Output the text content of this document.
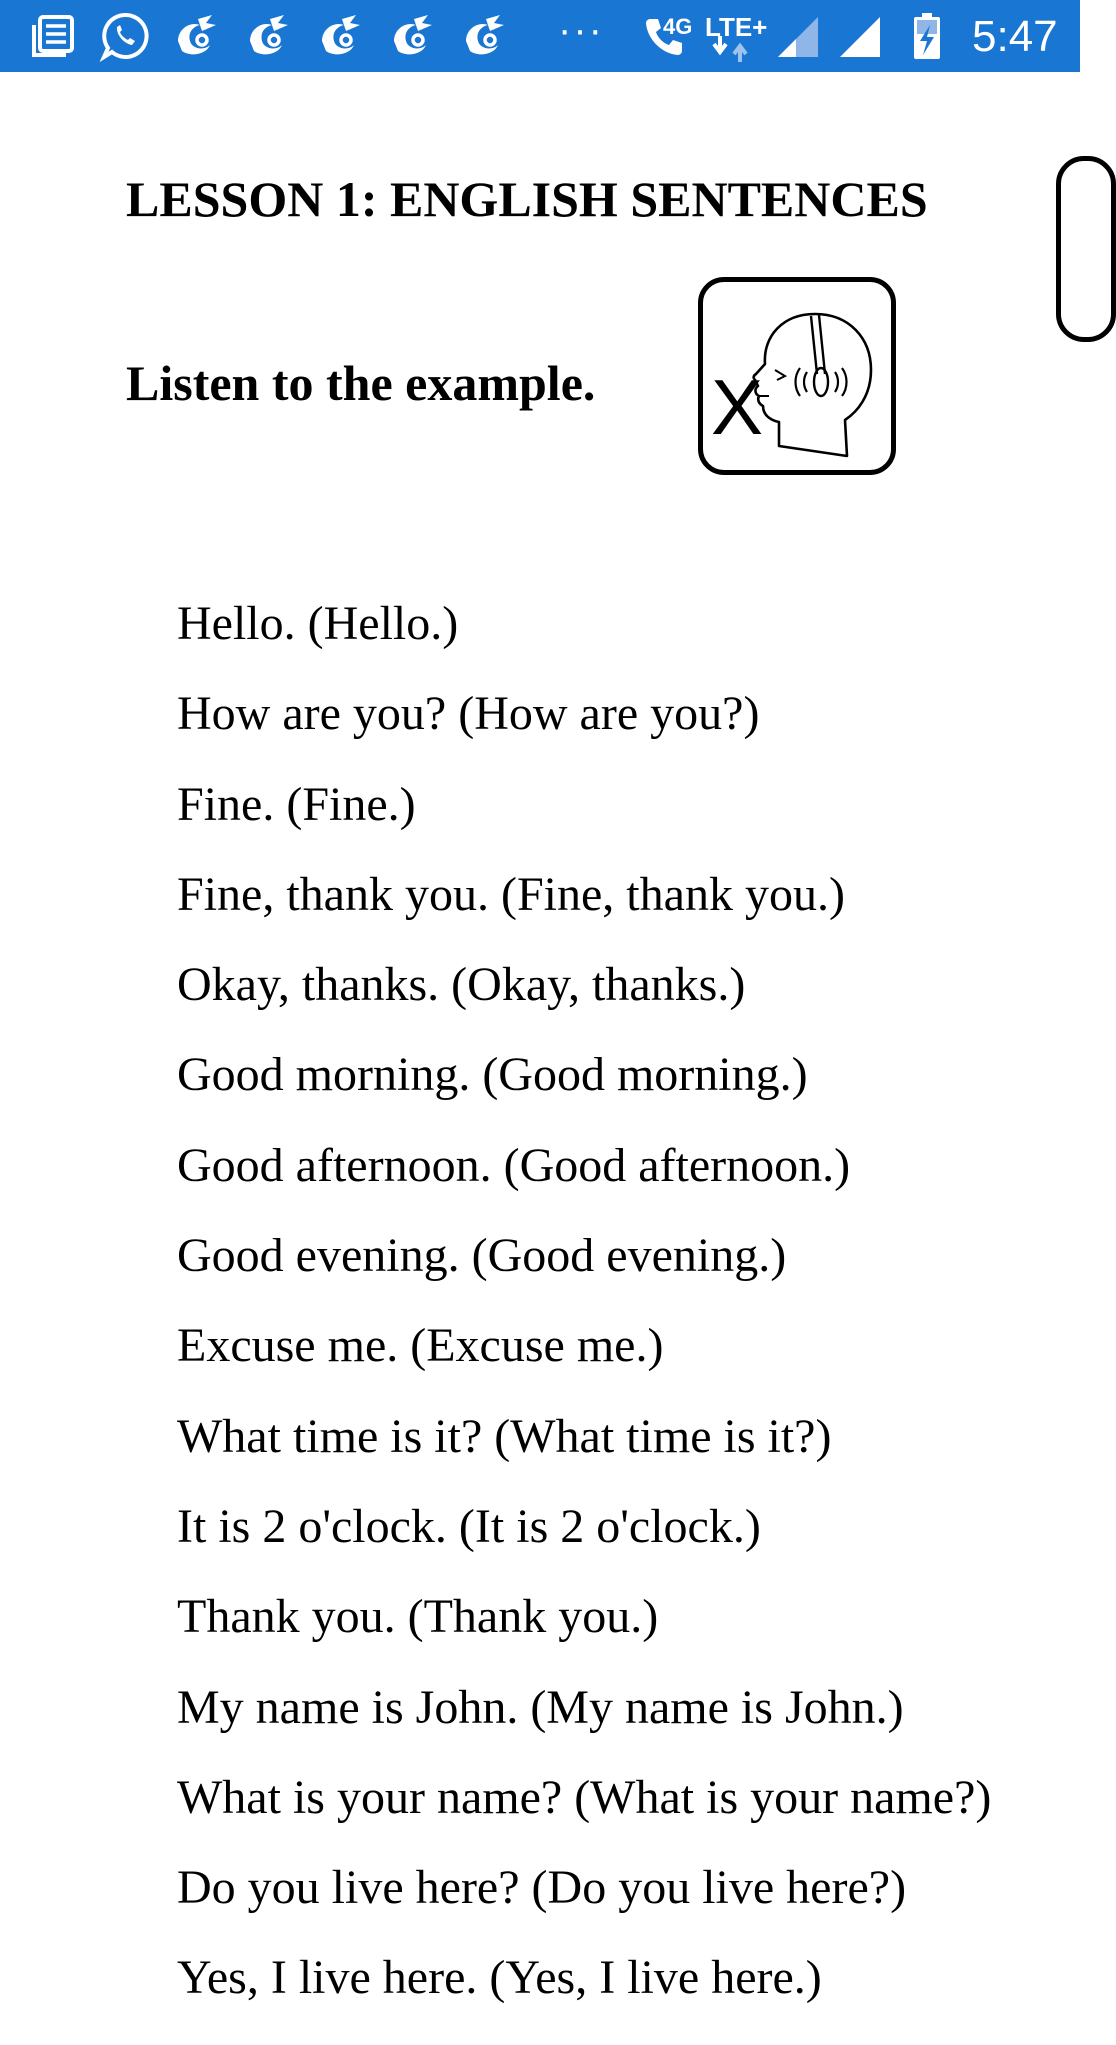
···	4G LTE+	5:47
LESSON 1: ENGLISH SENTENCES
Listen to the example. X
Hello. (Hello.)
How are you? (How are you?)
Fine. (Fine.)
Fine, thank you. (Fine, thank you.)
Okay, thanks. (Okay, thanks.)
Good morning. (Good morning.)
Good afternoon. (Good afternoon.)
Good evening. (Good evening.)
Excuse me. (Excuse me.)
What time is it? (What time is it?)
It is 2 o'clock. (It is 2 o'clock.)
Thank you. (Thank you.)
My name is John. (My name is John.)
What is your name? (What is your name?)
Do you live here? (Do you live here?)
Yes, I live here. (Yes, I live here.)
